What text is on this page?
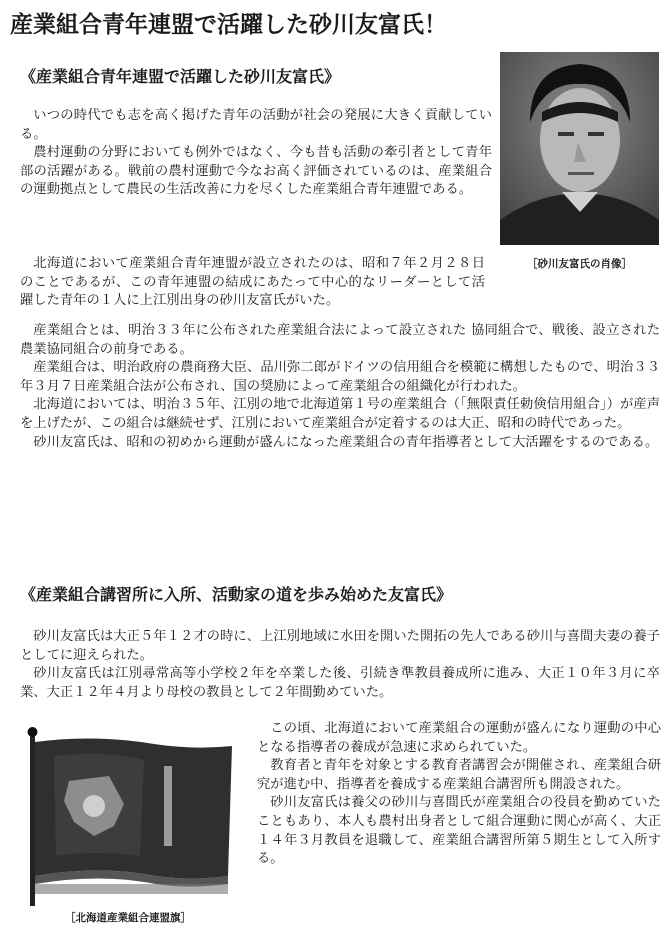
産業組合青年連盟で活躍した砂川友富氏！
《産業組合青年連盟で活躍した砂川友富氏》
［砂川友富氏の肖像］

いつの時代でも志を高く掲げた青年の活動が社会の発展に大きく貢献している。

農村運動の分野においても例外ではなく、今も昔も活動の牽引者として青年部の活躍がある。戦前の農村運動で今なお高く評価されているのは、産業組合の運動拠点として農民の生活改善に力を尽くした産業組合青年連盟である。

北海道において産業組合青年連盟が設立されたのは、昭和７年２月２８日のことであるが、この青年連盟の結成にあたって中心的なリーダーとして活躍した青年の１人に上江別出身の砂川友富氏がいた。

産業組合とは、明治３３年に公布された産業組合法によって設立された 協同組合で、戦後、設立された農業協同組合の前身である。

産業組合は、明治政府の農商務大臣、品川弥二郎がドイツの信用組合を模範に構想したもので、明治３３年３月７日産業組合法が公布され、国の奨励によって産業組合の組織化が行われた。

北海道においては、明治３５年、江別の地で北海道第１号の産業組合（「無限責任勅倹信用組合」）が産声を上げたが、この組合は継続せず、江別において産業組合が定着するのは大正、昭和の時代であった。

砂川友富氏は、昭和の初めから運動が盛んになった産業組合の青年指導者として大活躍をするのである。

《産業組合講習所に入所、活動家の道を歩み始めた友富氏》

砂川友富氏は大正５年１２才の時に、上江別地域に水田を開いた開拓の先人である砂川与喜間夫妻の養子としてに迎えられた。

砂川友富氏は江別尋常高等小学校２年を卒業した後、引続き準教員養成所に進み、大正１０年３月に卒業、大正１２年４月より母校の教員として２年間勤めていた。

［北海道産業組合連盟旗］

この頃、北海道において産業組合の運動が盛んになり運動の中心となる指導者の養成が急速に求められていた。

教育者と青年を対象とする教育者講習会が開催され、産業組合研究が進む中、指導者を養成する産業組合講習所も開設された。

砂川友富氏は養父の砂川与喜間氏が産業組合の役員を勤めていたこともあり、本人も農村出身者として組合運動に関心が高く、大正１４年３月教員を退職して、産業組合講習所第５期生として入所する。
